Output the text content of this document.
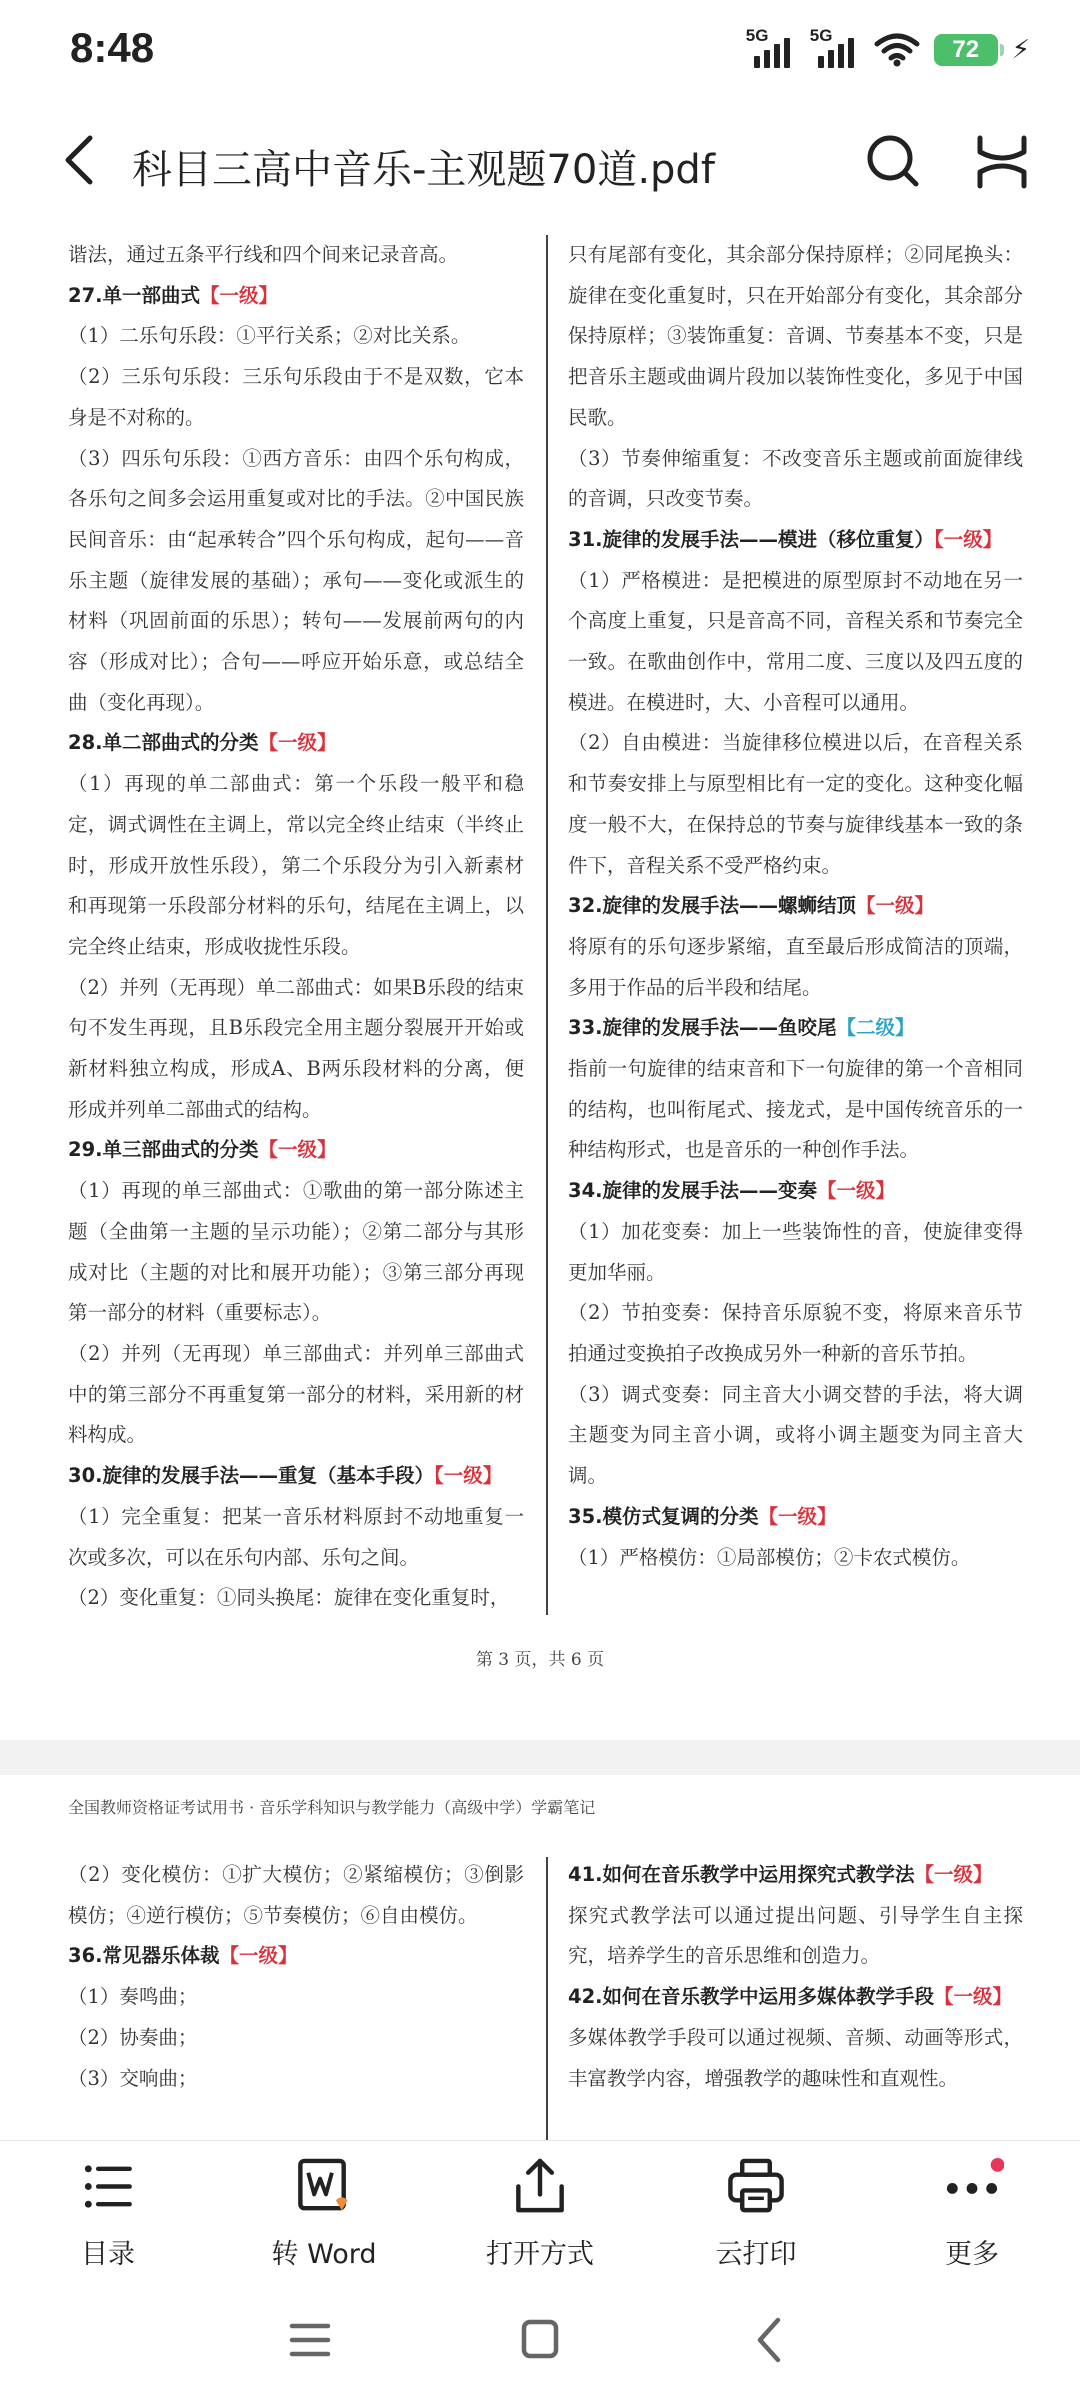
8:48	5G 5G
72 ⚡
科目三高中音乐-主观题70道.pdf

谐法，通过五条平行线和四个间来记录音高。

27.单一部曲式【一级】

（1）二乐句乐段：①平行关系；②对比关系。

（2）三乐句乐段：三乐句乐段由于不是双数，它本身是不对称的。

（3）四乐句乐段：①西方音乐：由四个乐句构成，各乐句之间多会运用重复或对比的手法。②中国民族民间音乐：由“起承转合”四个乐句构成，起句——音乐主题（旋律发展的基础）；承句——变化或派生的材料（巩固前面的乐思）；转句——发展前两句的内容（形成对比）；合句——呼应开始乐意，或总结全曲（变化再现）。

28.单二部曲式的分类【一级】

（1）再现的单二部曲式：第一个乐段一般平和稳定，调式调性在主调上，常以完全终止结束（半终止时，形成开放性乐段），第二个乐段分为引入新素材和再现第一乐段部分材料的乐句，结尾在主调上，以完全终止结束，形成收拢性乐段。

（2）并列（无再现）单二部曲式：如果B乐段的结束句不发生再现，且B乐段完全用主题分裂展开开始或新材料独立构成，形成A、B两乐段材料的分离，便形成并列单二部曲式的结构。

29.单三部曲式的分类【一级】

（1）再现的单三部曲式：①歌曲的第一部分陈述主题（全曲第一主题的呈示功能）；②第二部分与其形成对比（主题的对比和展开功能）；③第三部分再现第一部分的材料（重要标志）。

（2）并列（无再现）单三部曲式：并列单三部曲式中的第三部分不再重复第一部分的材料，采用新的材料构成。

30.旋律的发展手法——重复（基本手段）【一级】

（1）完全重复：把某一音乐材料原封不动地重复一次或多次，可以在乐句内部、乐句之间。

（2）变化重复：①同头换尾：旋律在变化重复时，

只有尾部有变化，其余部分保持原样；②同尾换头：旋律在变化重复时，只在开始部分有变化，其余部分保持原样；③装饰重复：音调、节奏基本不变，只是把音乐主题或曲调片段加以装饰性变化，多见于中国民歌。

（3）节奏伸缩重复：不改变音乐主题或前面旋律线的音调，只改变节奏。

31.旋律的发展手法——模进（移位重复）【一级】

（1）严格模进：是把模进的原型原封不动地在另一个高度上重复，只是音高不同，音程关系和节奏完全一致。在歌曲创作中，常用二度、三度以及四五度的模进。在模进时，大、小音程可以通用。

（2）自由模进：当旋律移位模进以后，在音程关系和节奏安排上与原型相比有一定的变化。这种变化幅度一般不大，在保持总的节奏与旋律线基本一致的条件下，音程关系不受严格约束。

32.旋律的发展手法——螺蛳结顶【一级】

将原有的乐句逐步紧缩，直至最后形成简洁的顶端，多用于作品的后半段和结尾。

33.旋律的发展手法——鱼咬尾【二级】

指前一句旋律的结束音和下一句旋律的第一个音相同的结构，也叫衔尾式、接龙式，是中国传统音乐的一种结构形式，也是音乐的一种创作手法。

34.旋律的发展手法——变奏【一级】

（1）加花变奏：加上一些装饰性的音，使旋律变得更加华丽。

（2）节拍变奏：保持音乐原貌不变，将原来音乐节拍通过变换拍子改换成另外一种新的音乐节拍。

（3）调式变奏：同主音大小调交替的手法，将大调主题变为同主音小调，或将小调主题变为同主音大调。

35.模仿式复调的分类【一级】

（1）严格模仿：①局部模仿；②卡农式模仿。

第 3 页，共 6 页
全国教师资格证考试用书 · 音乐学科知识与教学能力（高级中学）学霸笔记

（2）变化模仿：①扩大模仿；②紧缩模仿；③倒影模仿；④逆行模仿；⑤节奏模仿；⑥自由模仿。

36.常见器乐体裁【一级】

（1）奏鸣曲；

（2）协奏曲；

（3）交响曲；

41.如何在音乐教学中运用探究式教学法【一级】

探究式教学法可以通过提出问题、引导学生自主探究，培养学生的音乐思维和创造力。

42.如何在音乐教学中运用多媒体教学手段【一级】

多媒体教学手段可以通过视频、音频、动画等形式，丰富教学内容，增强教学的趣味性和直观性。

目录	转 Word	打开方式	云打印	更多
